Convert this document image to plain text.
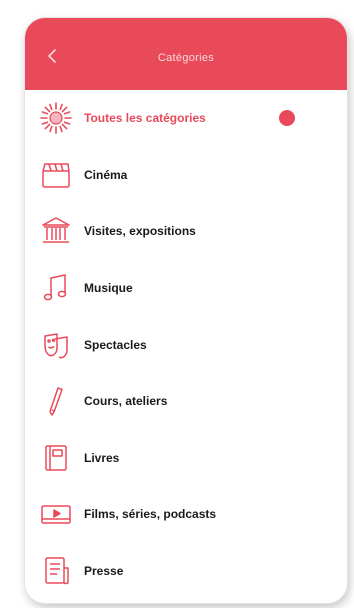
Catégories
Toutes les catégories
Cinéma
Visites, expositions
Musique
Spectacles
Cours, ateliers
Livres
Films, séries, podcasts
Presse
